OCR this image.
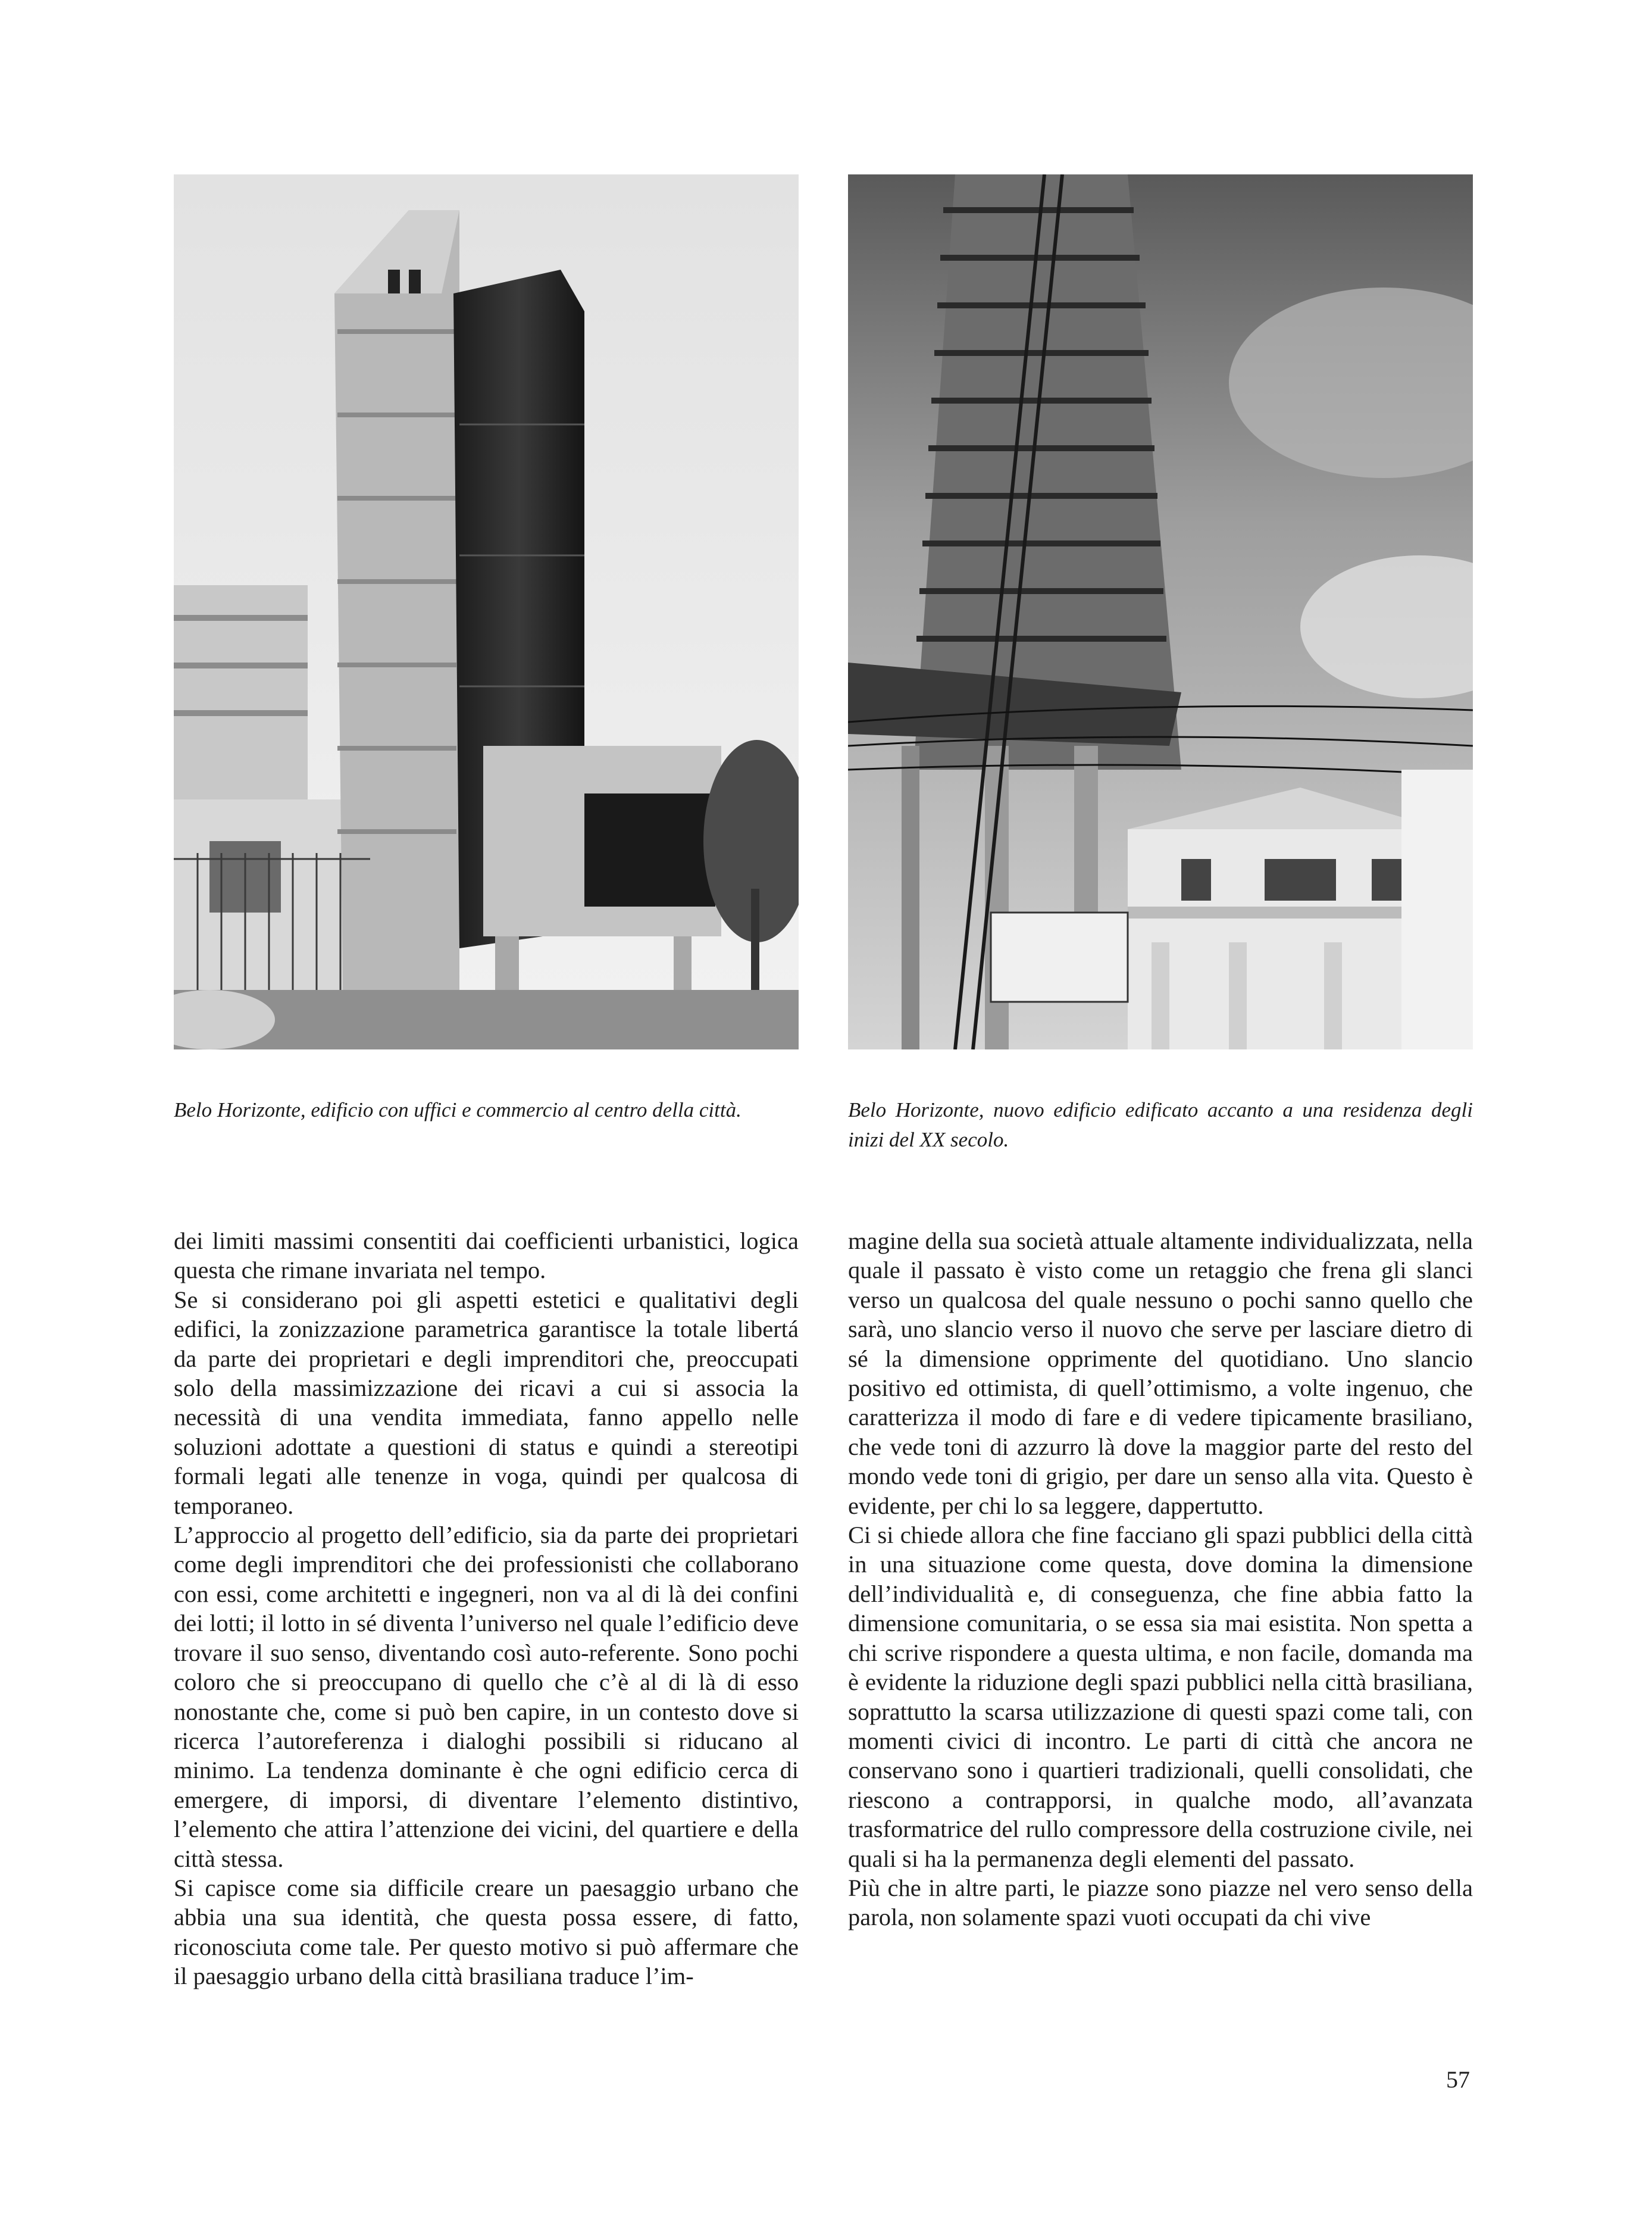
Belo Horizonte, edificio con uffici e commercio al centro della città.	Belo Horizonte, nuovo edificio edificato accanto a una residenza degli inizi del XX secolo.

dei limiti massimi consentiti dai coefficienti urbanistici, logica questa che rimane invariata nel tempo.

Se si considerano poi gli aspetti estetici e qualitativi degli edifici, la zonizzazione parametrica garantisce la totale libertá da parte dei proprietari e degli imprenditori che, preoccupati solo della massimizzazione dei ricavi a cui si associa la necessità di una vendita immediata, fanno appello nelle soluzioni adottate a questioni di status e quindi a stereotipi formali legati alle tenenze in voga, quindi per qualcosa di temporaneo.

L’approccio al progetto dell’edificio, sia da parte dei proprietari come degli imprenditori che dei professionisti che collaborano con essi, come architetti e ingegneri, non va al di là dei confini dei lotti; il lotto in sé diventa l’universo nel quale l’edificio deve trovare il suo senso, diventando così auto-referente. Sono pochi coloro che si preoccupano di quello che c’è al di là di esso nonostante che, come si può ben capire, in un contesto dove si ricerca l’autoreferenza i dialoghi possibili si riducano al minimo. La tendenza dominante è che ogni edificio cerca di emergere, di imporsi, di diventare l’elemento distintivo, l’elemento che attira l’attenzione dei vicini, del quartiere e della città stessa.

Si capisce come sia difficile creare un paesaggio urbano che abbia una sua identità, che questa possa essere, di fatto, riconosciuta come tale. Per questo motivo si può affermare che il paesaggio urbano della città brasiliana traduce l’im-

magine della sua società attuale altamente individualizzata, nella quale il passato è visto come un retaggio che frena gli slanci verso un qualcosa del quale nessuno o pochi sanno quello che sarà, uno slancio verso il nuovo che serve per lasciare dietro di sé la dimensione opprimente del quotidiano. Uno slancio positivo ed ottimista, di quell’ottimismo, a volte ingenuo, che caratterizza il modo di fare e di vedere tipicamente brasiliano, che vede toni di azzurro là dove la maggior parte del resto del mondo vede toni di grigio, per dare un senso alla vita. Questo è evidente, per chi lo sa leggere, dappertutto.

Ci si chiede allora che fine facciano gli spazi pubblici della città in una situazione come questa, dove domina la dimensione dell’individualità e, di conseguenza, che fine abbia fatto la dimensione comunitaria, o se essa sia mai esistita. Non spetta a chi scrive rispondere a questa ultima, e non facile, domanda ma è evidente la riduzione degli spazi pubblici nella città brasiliana, soprattutto la scarsa utilizzazione di questi spazi come tali, con momenti civici di incontro. Le parti di città che ancora ne conservano sono i quartieri tradizionali, quelli consolidati, che riescono a contrapporsi, in qualche modo, all’avanzata trasformatrice del rullo compressore della costruzione civile, nei quali si ha la permanenza degli elementi del passato.

Più che in altre parti, le piazze sono piazze nel vero senso della parola, non solamente spazi vuoti occupati da chi vive

57
